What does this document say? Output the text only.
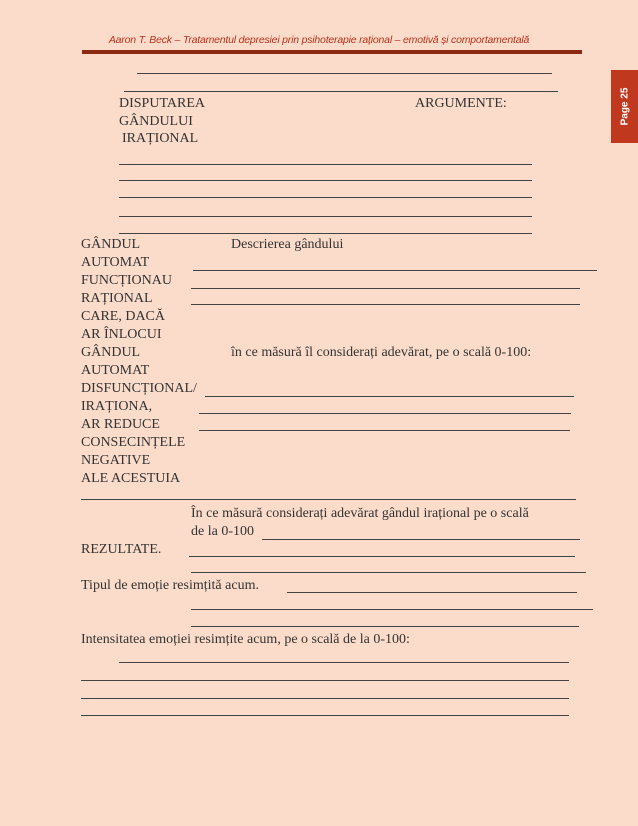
Aaron T. Beck – Tratamentul depresiei prin psihoterapie rațional – emotivă și comportamentală
Page 25
DISPUTAREA	ARGUMENTE:
GÂNDULUI
IRAȚIONAL
GÂNDUL
AUTOMAT
FUNCȚIONAU
RAȚIONAL
CARE, DACĂ
AR ÎNLOCUI
GÂNDUL
AUTOMAT
DISFUNCȚIONAL/
IRAȚIONA,
AR REDUCE
CONSECINȚELE
NEGATIVE
ALE ACESTUIA
Descrierea gândului
în ce măsură îl considerați adevărat, pe o scală 0-100:
În ce măsură considerați adevărat gândul irațional pe o scală
de la 0-100
REZULTATE.
Tipul de emoție resimțită acum.
Intensitatea emoției resimțite acum, pe o scală de la 0-100:
